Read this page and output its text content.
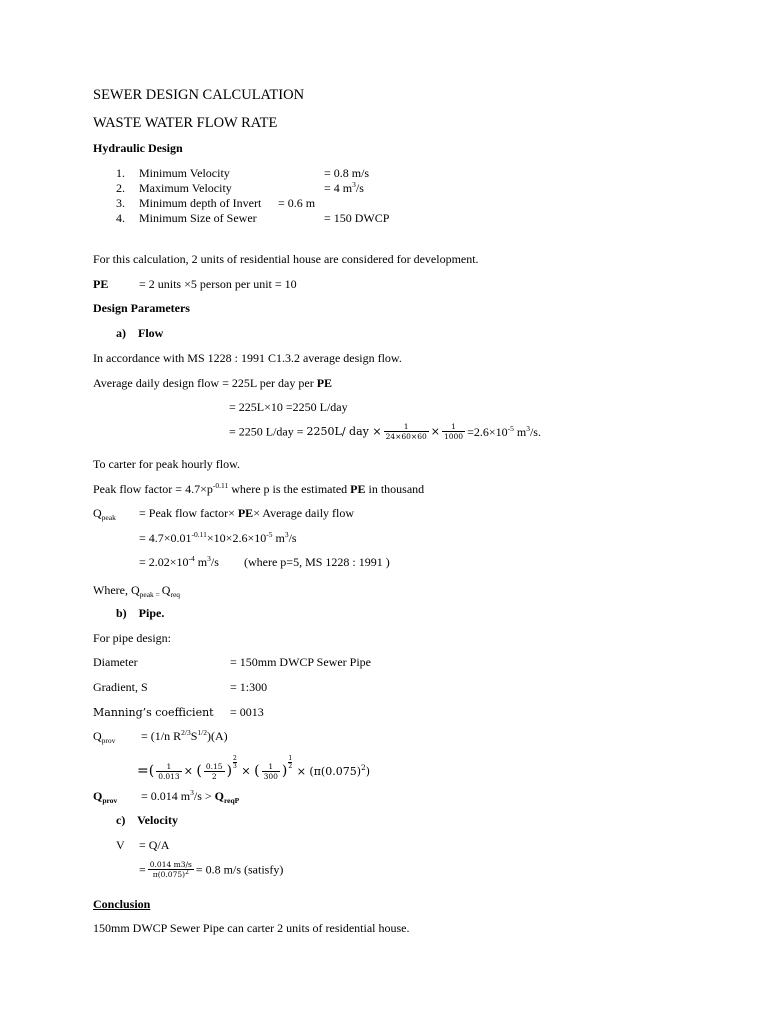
SEWER DESIGN CALCULATION
WASTE WATER FLOW RATE
Hydraulic Design
1. Minimum Velocity	= 0.8 m/s
2. Maximum Velocity	= 4 $m^3/s$
3. Minimum depth of Invert = 0.6 m
4. Minimum Size of Sewer	= 150 DWCP
For this calculation, 2 units of residential house are considered for development.
PE	= 2 units ×5 person per unit = 10
Design Parameters
a)    Flow
In accordance with MS 1228 : 1991 C1.3.2 average design flow.
Average daily design flow = 225L per day per PE
= 225L×10 =2250 L/day
= 2250 L/day = 2250L/ day × $\frac{1}{24\times 60\times 60} \times \frac{1}{1000} =2.6\times 10^{-5}$ $m^3/s$.
To carter for peak hourly flow.
Peak flow factor = $4.7\times p^{-0.11}$ where p is the estimated PE in thousand
$Q_{peak}$ = Peak flow factor× PE× Average daily flow
= $4.7\times 0.01^{-0.11}\times 10\times 2.6\times 10^{-5}$ $m^3/s$
= $2.02\times 10^{-4}$ $m^3/s$ (where p=5, MS 1228 : 1991 )
Where, $Q_{peak =}$ $Q_{req}$
b)    Pipe.
For pipe design:
Diameter	= 150mm DWCP Sewer Pipe
Gradient, S	= 1:300
Manning’s coefficient = 0013
$Q_{prov} = (1/n$ $R^{2/3}S^{1/2})(A)$
=( $\frac{1}{0.013}$ × ( $\frac{0.15}{2}$ )
$\frac{2}{3}$
× ( $\frac{1}{300}$ )
$\frac{1}{2}$
× $(\pi(0.075)^2)$
$Q_{prov} = 0.014$ $m^3/s > Q_{reqP}$
c)    Velocity
V = Q/A
= $\frac{0.014 m3/s}{\pi(0.075)^2} = 0.8$ m/s (satisfy)
Conclusion
150mm DWCP Sewer Pipe can carter 2 units of residential house.
